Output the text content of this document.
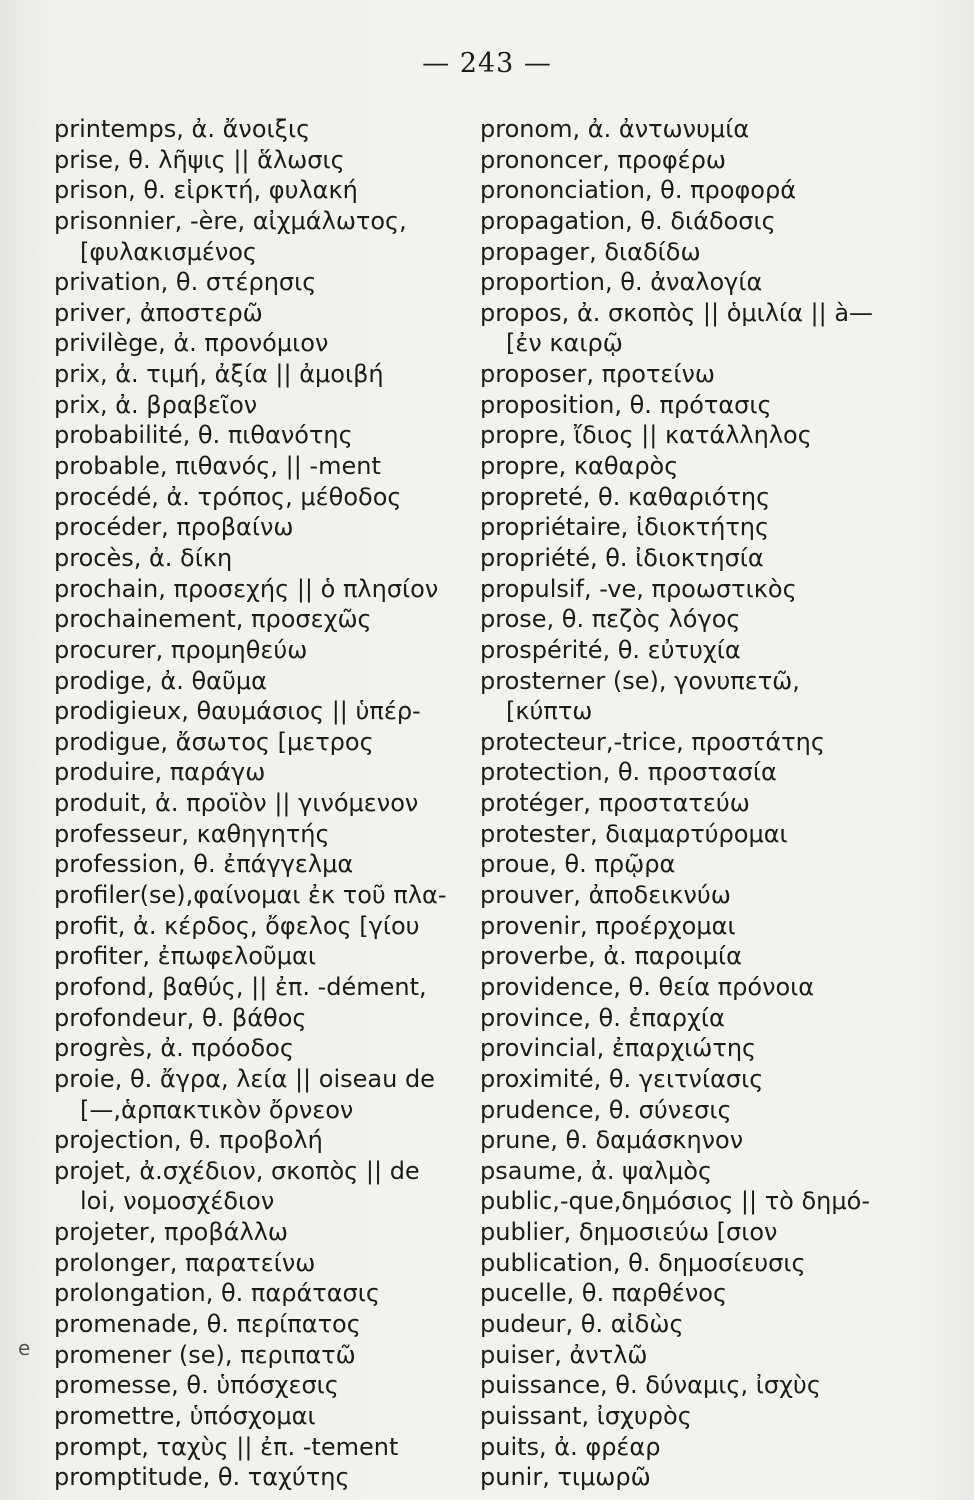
— 243 —
printemps, ἀ. ἄνοιξις
prise, θ. λῆψις || ἅλωσις
prison, θ. εἱρκτή, φυλακή
prisonnier, -ère, αἰχμάλωτος,
[φυλακισμένος
privation, θ. στέρησις
priver, ἀποστερῶ
privilège, ἀ. προνόμιον
prix, ἀ. τιμή, ἀξία || ἀμοιβή
prix, ἀ. βραβεῖον
probabilité, θ. πιθανότης
probable, πιθανός, || -ment
procédé, ἀ. τρόπος, μέθοδος
procéder, προβαίνω
procès, ἀ. δίκη
prochain, προσεχής || ὁ πλησίον
prochainement, προσεχῶς
procurer, προμηθεύω
prodige, ἀ. θαῦμα
prodigieux, θαυμάσιος || ὑπέρ-
prodigue, ἄσωτος [μετρος
produire, παράγω
produit, ἀ. προϊὸν || γινόμενον
professeur, καθηγητής
profession, θ. ἐπάγγελμα
profiler(se),φαίνομαι ἐκ τοῦ πλα-
profit, ἀ. κέρδος, ὄφελος [γίου
profiter, ἐπωφελοῦμαι
profond, βαθύς, || ἐπ. -dément,
profondeur, θ. βάθος
progrès, ἀ. πρόοδος
proie, θ. ἄγρα, λεία || oiseau de
[—,ἁρπακτικὸν ὄρνεον
projection, θ. προβολή
projet, ἀ.σχέδιον, σκοπὸς || de
loi, νομοσχέδιον
projeter, προβάλλω
prolonger, παρατείνω
prolongation, θ. παράτασις
promenade, θ. περίπατος
promener (se), περιπατῶ
promesse, θ. ὑπόσχεσις
promettre, ὑπόσχομαι
prompt, ταχὺς || ἐπ. -tement
promptitude, θ. ταχύτης
pronom, ἀ. ἀντωνυμία
prononcer, προφέρω
prononciation, θ. προφορά
propagation, θ. διάδοσις
propager, διαδίδω
proportion, θ. ἀναλογία
propos, ἀ. σκοπὸς || ὁμιλία || à—
[ἐν καιρῷ
proposer, προτείνω
proposition, θ. πρότασις
propre, ἴδιος || κατάλληλος
propre, καθαρὸς
propreté, θ. καθαριότης
propriétaire, ἰδιοκτήτης
propriété, θ. ἰδιοκτησία
propulsif, -ve, προωστικὸς
prose, θ. πεζὸς λόγος
prospérité, θ. εὐτυχία
prosterner (se), γονυπετῶ,
[κύπτω
protecteur,-trice, προστάτης
protection, θ. προστασία
protéger, προστατεύω
protester, διαμαρτύρομαι
proue, θ. πρῷρα
prouver, ἀποδεικνύω
provenir, προέρχομαι
proverbe, ἀ. παροιμία
providence, θ. θεία πρόνοια
province, θ. ἐπαρχία
provincial, ἐπαρχιώτης
proximité, θ. γειτνίασις
prudence, θ. σύνεσις
prune, θ. δαμάσκηνον
psaume, ἀ. ψαλμὸς
public,-que,δημόσιος || τὸ δημό-
publier, δημοσιεύω [σιον
publication, θ. δημοσίευσις
pucelle, θ. παρθένος
pudeur, θ. αἰδὼς
puiser, ἀντλῶ
puissance, θ. δύναμις, ἰσχὺς
puissant, ἰσχυρὸς
puits, ἀ. φρέαρ
punir, τιμωρῶ
e
